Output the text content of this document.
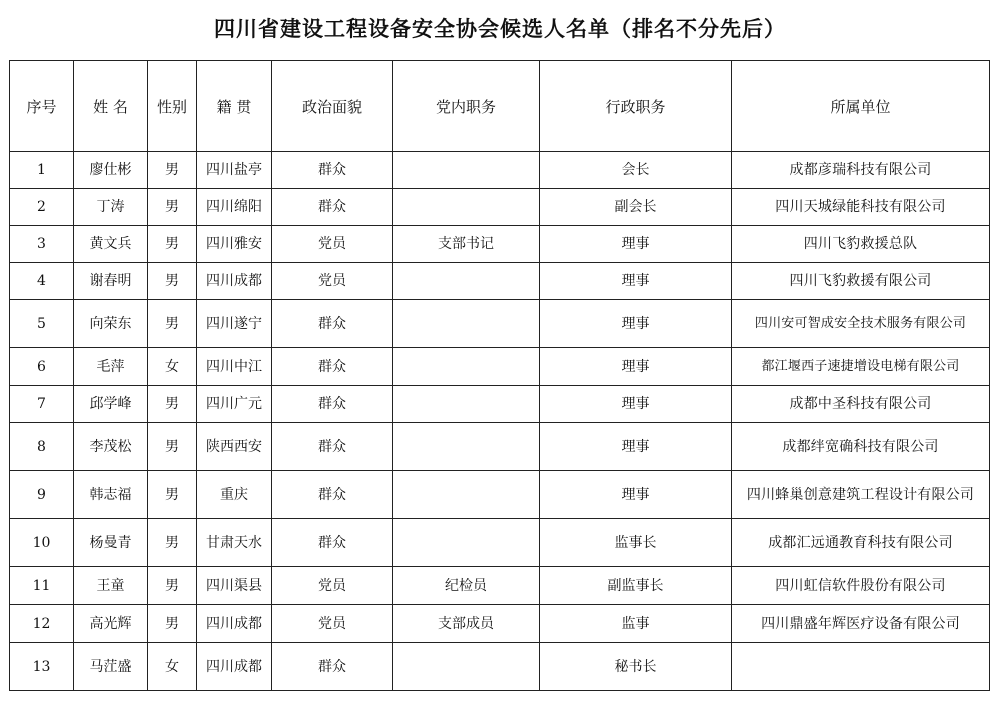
四川省建设工程设备安全协会候选人名单（排名不分先后）
序号	姓 名	性别	籍 贯	政治面貌	党内职务	行政职务	所属单位
1	廖仕彬	男	四川盐亭	群众		会长	成都彦瑞科技有限公司
2	丁涛	男	四川绵阳	群众		副会长	四川天城绿能科技有限公司
3	黄文兵	男	四川雅安	党员	支部书记	理事	四川飞豹救援总队
4	谢春明	男	四川成都	党员		理事	四川飞豹救援有限公司
5	向荣东	男	四川遂宁	群众		理事	四川安可智成安全技术服务有限公司
6	毛萍	女	四川中江	群众		理事	都江堰西子速捷增设电梯有限公司
7	邱学峰	男	四川广元	群众		理事	成都中圣科技有限公司
8	李茂松	男	陕西西安	群众		理事	成都绊宽确科技有限公司
9	韩志福	男	重庆	群众		理事	四川蜂巢创意建筑工程设计有限公司
10	杨曼青	男	甘肃天水	群众		监事长	成都汇远通教育科技有限公司
11	王童	男	四川渠县	党员	纪检员	副监事长	四川虹信软件股份有限公司
12	高光辉	男	四川成都	党员	支部成员	监事	四川鼎盛年辉医疗设备有限公司
13	马茳盛	女	四川成都	群众		秘书长	
